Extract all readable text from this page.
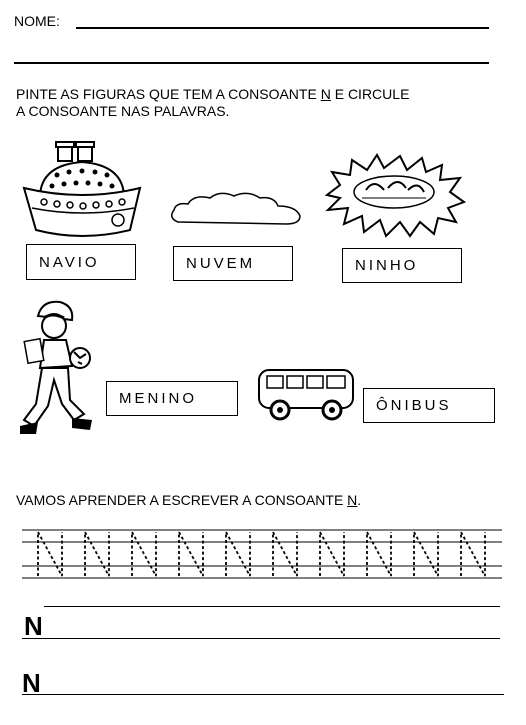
NOME:
PINTE AS FIGURAS QUE TEM A CONSOANTE N E CIRCULE
A CONSOANTE NAS PALAVRAS.
NAVIO	NUVEM	NINHO
MENINO	ÔNIBUS
VAMOS APRENDER A ESCREVER A CONSOANTE N.
N
N
